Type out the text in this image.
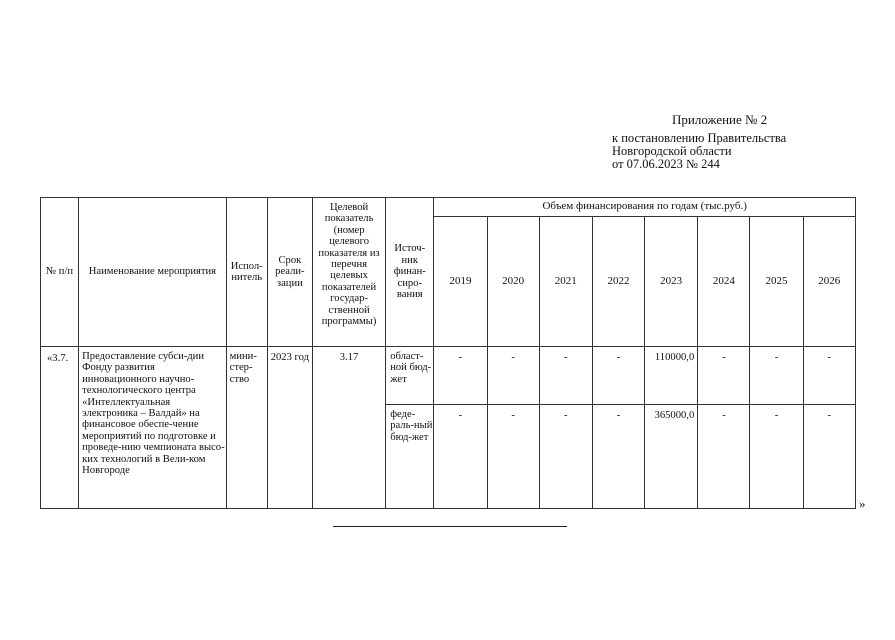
Приложение № 2
к постановлению Правительства
Новгородской области
от 07.06.2023 № 244
№ п/п	Наименование мероприятия	Испол-нитель	Срок реали-зации	Целевой показатель (номер целевого показателя из перечня целевых показателей государ-ственной программы)	Источ-ник финан-сиро-вания	Объем финансирования по годам (тыс.руб.)							
						2019	2020	2021	2022	2023	2024	2025	2026
«3.7.	Предоставление субси-дии Фонду развития инновационного научно-технологического центра «Интеллектуальная электроника – Валдай» на финансовое обеспе-чение мероприятий по подготовке и проведе-нию чемпионата высо-ких технологий в Вели-ком Новгороде	мини-стер-ство	2023 год	3.17	област-ной бюд-жет	-	-	-	-	110000,0	-	-	-
					феде-раль-ный бюд-жет	-	-	-	-	365000,0	-	-	-
»
